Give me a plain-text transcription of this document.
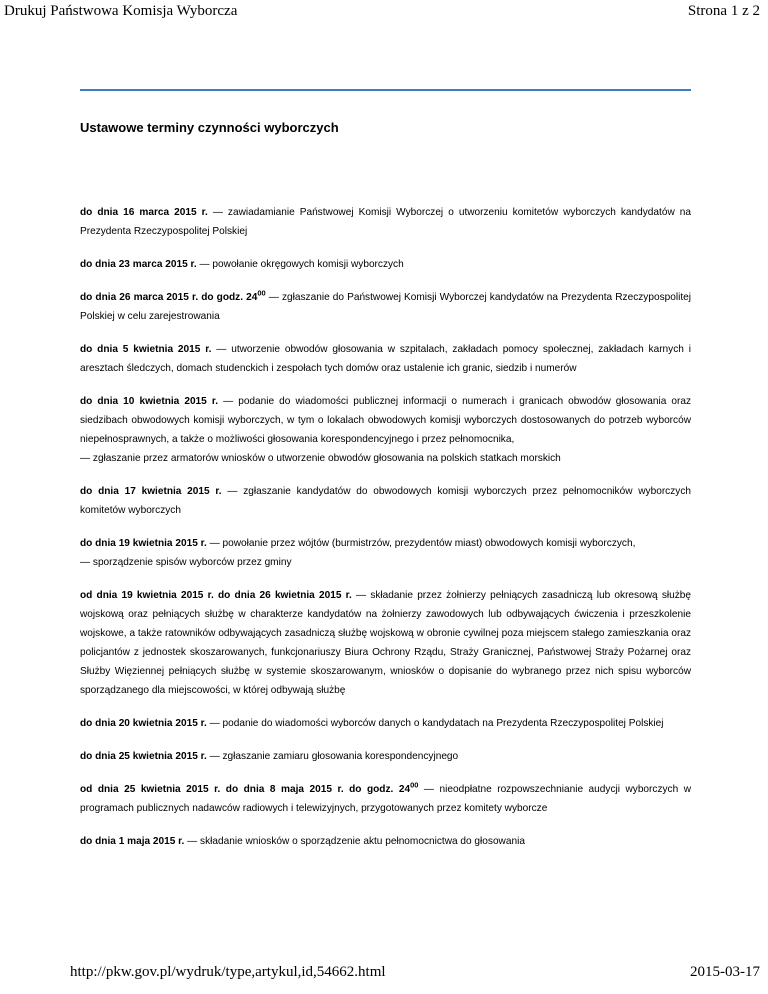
Drukuj Państwowa Komisja Wyborcza	Strona 1 z 2
Ustawowe terminy czynności wyborczych

do dnia 16 marca 2015 r. — zawiadamianie Państwowej Komisji Wyborczej o utworzeniu komitetów wyborczych kandydatów na Prezydenta Rzeczypospolitej Polskiej

do dnia 23 marca 2015 r. — powołanie okręgowych komisji wyborczych

do dnia 26 marca 2015 r. do godz. $24^{00}$ — zgłaszanie do Państwowej Komisji Wyborczej kandydatów na Prezydenta Rzeczypospolitej Polskiej w celu zarejestrowania

do dnia 5 kwietnia 2015 r. — utworzenie obwodów głosowania w szpitalach, zakładach pomocy społecznej, zakładach karnych i aresztach śledczych, domach studenckich i zespołach tych domów oraz ustalenie ich granic, siedzib i numerów

do dnia 10 kwietnia 2015 r. — podanie do wiadomości publicznej informacji o numerach i granicach obwodów głosowania oraz siedzibach obwodowych komisji wyborczych, w tym o lokalach obwodowych komisji wyborczych dostosowanych do potrzeb wyborców niepełnosprawnych, a także o możliwości głosowania korespondencyjnego i przez pełnomocnika,
— zgłaszanie przez armatorów wniosków o utworzenie obwodów głosowania na polskich statkach morskich

do dnia 17 kwietnia 2015 r. — zgłaszanie kandydatów do obwodowych komisji wyborczych przez pełnomocników wyborczych komitetów wyborczych

do dnia 19 kwietnia 2015 r. — powołanie przez wójtów (burmistrzów, prezydentów miast) obwodowych komisji wyborczych,
— sporządzenie spisów wyborców przez gminy

od dnia 19 kwietnia 2015 r. do dnia 26 kwietnia 2015 r. — składanie przez żołnierzy pełniących zasadniczą lub okresową służbę wojskową oraz pełniących służbę w charakterze kandydatów na żołnierzy zawodowych lub odbywających ćwiczenia i przeszkolenie wojskowe, a także ratowników odbywających zasadniczą służbę wojskową w obronie cywilnej poza miejscem stałego zamieszkania oraz policjantów z jednostek skoszarowanych, funkcjonariuszy Biura Ochrony Rządu, Straży Granicznej, Państwowej Straży Pożarnej oraz Służby Więziennej pełniących służbę w systemie skoszarowanym, wniosków o dopisanie do wybranego przez nich spisu wyborców sporządzanego dla miejscowości, w której odbywają służbę

do dnia 20 kwietnia 2015 r. — podanie do wiadomości wyborców danych o kandydatach na Prezydenta Rzeczypospolitej Polskiej

do dnia 25 kwietnia 2015 r. — zgłaszanie zamiaru głosowania korespondencyjnego

od dnia 25 kwietnia 2015 r. do dnia 8 maja 2015 r. do godz. $24^{00}$ — nieodpłatne rozpowszechnianie audycji wyborczych w programach publicznych nadawców radiowych i telewizyjnych, przygotowanych przez komitety wyborcze

do dnia 1 maja 2015 r. — składanie wniosków o sporządzenie aktu pełnomocnictwa do głosowania

http://pkw.gov.pl/wydruk/type,artykul,id,54662.html	2015-03-17
